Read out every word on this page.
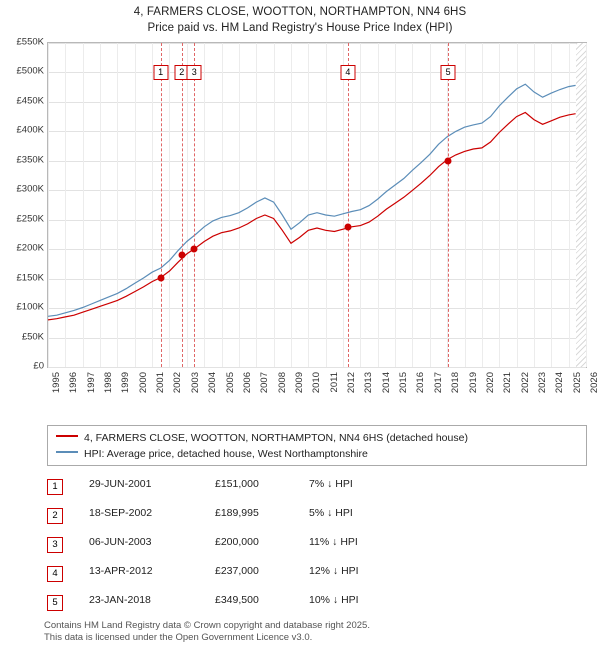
4, FARMERS CLOSE, WOOTTON, NORTHAMPTON, NN4 6HS
Price paid vs. HM Land Registry's House Price Index (HPI)
1	2 3	4	5
1995 1996 1997 1998 1999 2000 2001 2002 2003 2004 2005 2006 2007 2008 2009 2010 2011 2012 2013 2014 2015 2016 2017 2018 2019 2020 2021 2022 2023 2024 2025 2026
£0
£50K
£100K
£150K
£200K
£250K
£300K
£350K
£400K
£450K
£500K
£550K
4, FARMERS CLOSE, WOOTTON, NORTHAMPTON, NN4 6HS (detached house)
HPI: Average price, detached house, West Northamptonshire
1	29-JUN-2001	£151,000	7% ↓ HPI
2	18-SEP-2002	£189,995	5% ↓ HPI
3	06-JUN-2003	£200,000	11% ↓ HPI
4	13-APR-2012	£237,000	12% ↓ HPI
5	23-JAN-2018	£349,500	10% ↓ HPI
Contains HM Land Registry data © Crown copyright and database right 2025.
This data is licensed under the Open Government Licence v3.0.
